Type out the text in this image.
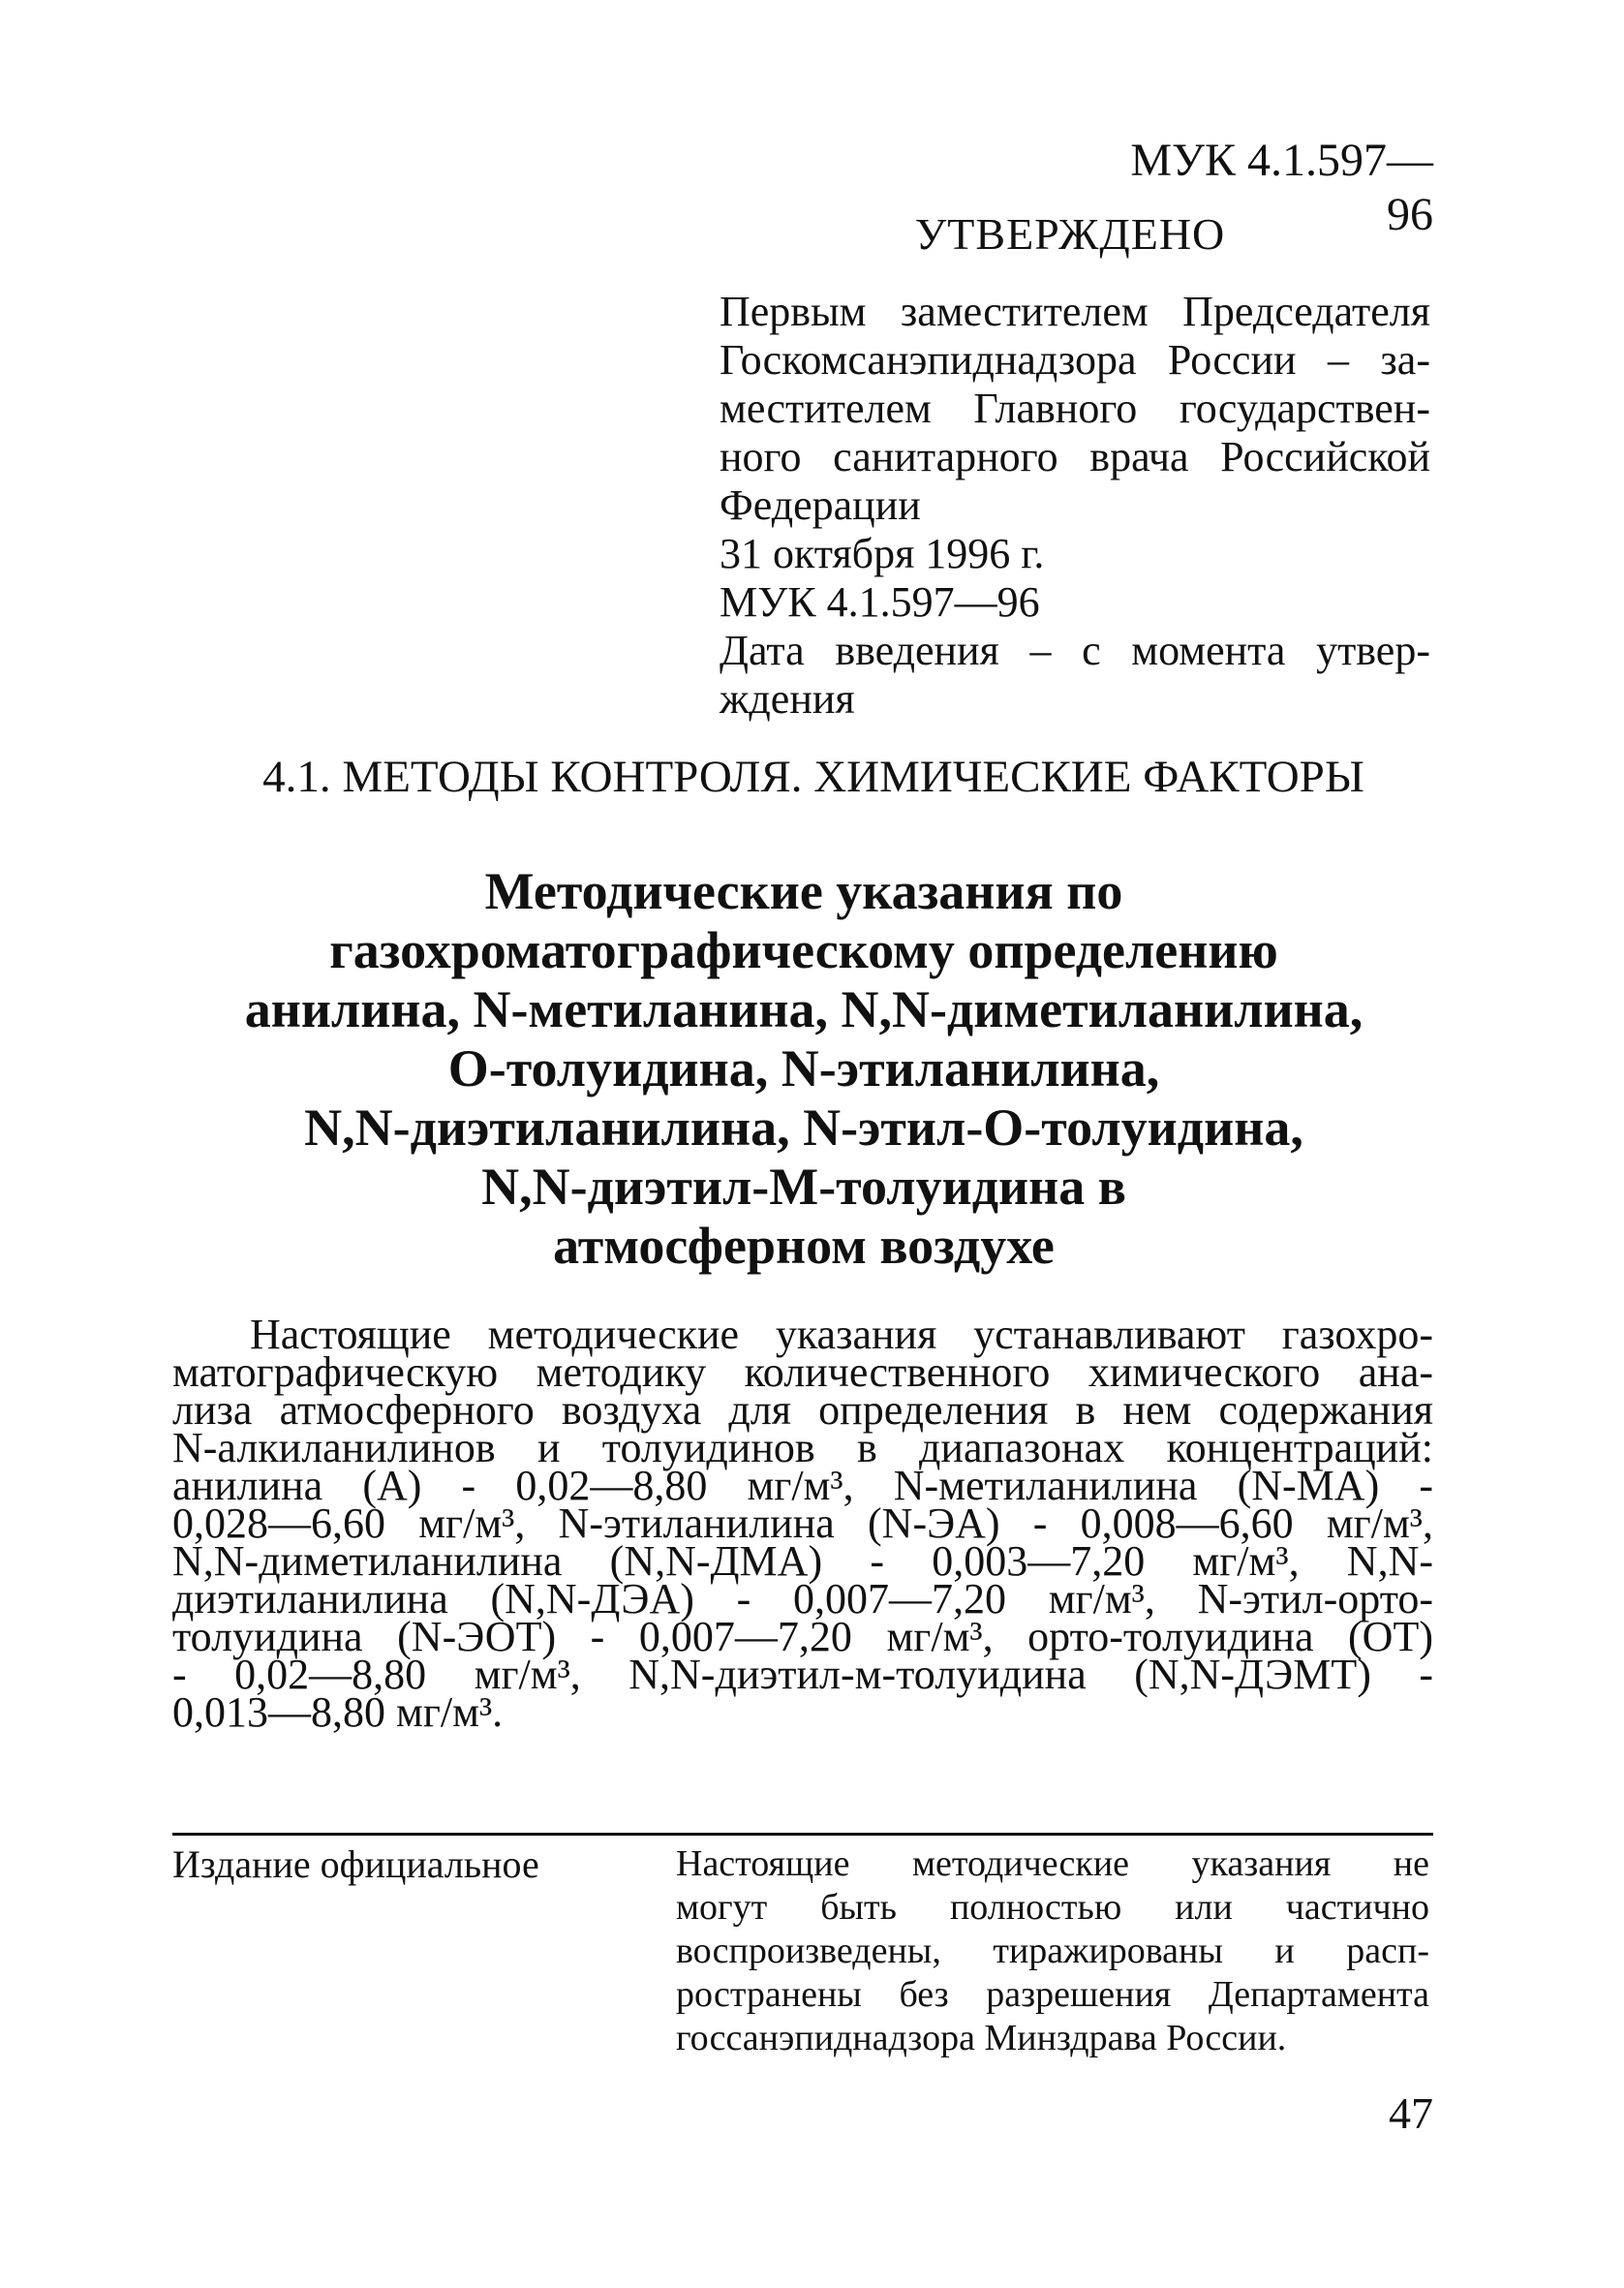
МУК 4.1.597—96
УТВЕРЖДЕНО
Первым заместителем Председателя
Госкомсанэпиднадзора России – за-
местителем Главного государствен-
ного санитарного врача Российской
Федерации
31 октября 1996 г.
МУК 4.1.597—96
Дата введения – с момента утвер-
ждения
4.1. МЕТОДЫ КОНТРОЛЯ. ХИМИЧЕСКИЕ ФАКТОРЫ
Методические указания по
газохроматографическому определению
анилина, N-метиланина, N,N-диметиланилина,
О-толуидина, N-этиланилина,
N,N-диэтиланилина, N-этил-О-толуидина,
N,N-диэтил-М-толуидина в
атмосферном воздухе
Настоящие методические указания устанавливают газохро-
матографическую методику количественного химического ана-
лиза атмосферного воздуха для определения в нем содержания
N-алкиланилинов и толуидинов в диапазонах концентраций:
анилина (А) - 0,02—8,80 мг/м³, N-метиланилина (N-МА) -
0,028—6,60 мг/м³, N-этиланилина (N-ЭА) - 0,008—6,60 мг/м³,
N,N-диметиланилина (N,N-ДМА) - 0,003—7,20 мг/м³, N,N-
диэтиланилина (N,N-ДЭА) - 0,007—7,20 мг/м³, N-этил-орто-
толуидина (N-ЭОТ) - 0,007—7,20 мг/м³, орто-толуидина (ОТ)
- 0,02—8,80 мг/м³, N,N-диэтил-м-толуидина (N,N-ДЭМТ) -
0,013—8,80 мг/м³.
Издание официальное	Настоящие методические указания не
могут быть полностью или частично
воспроизведены, тиражированы и расп-
ространены без разрешения Департамента
госсанэпиднадзора Минздрава России.
47
